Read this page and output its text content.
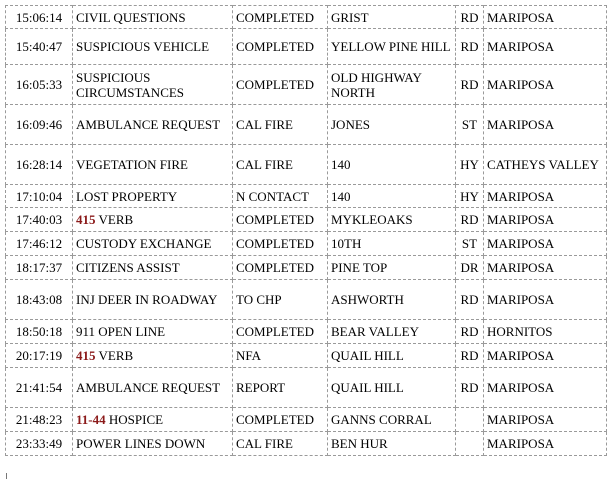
15:06:14	CIVIL QUESTIONS	COMPLETED	GRIST	RD	MARIPOSA
15:40:47	SUSPICIOUS VEHICLE	COMPLETED	YELLOW PINE HILL	RD	MARIPOSA
16:05:33	SUSPICIOUS CIRCUMSTANCES	COMPLETED	OLD HIGHWAY NORTH	RD	MARIPOSA
16:09:46	AMBULANCE REQUEST	CAL FIRE	JONES	ST	MARIPOSA
16:28:14	VEGETATION FIRE	CAL FIRE	140	HY	CATHEYS VALLEY
17:10:04	LOST PROPERTY	N CONTACT	140	HY	MARIPOSA
17:40:03	415 VERB	COMPLETED	MYKLEOAKS	RD	MARIPOSA
17:46:12	CUSTODY EXCHANGE	COMPLETED	10TH	ST	MARIPOSA
18:17:37	CITIZENS ASSIST	COMPLETED	PINE TOP	DR	MARIPOSA
18:43:08	INJ DEER IN ROADWAY	TO CHP	ASHWORTH	RD	MARIPOSA
18:50:18	911 OPEN LINE	COMPLETED	BEAR VALLEY	RD	HORNITOS
20:17:19	415 VERB	NFA	QUAIL HILL	RD	MARIPOSA
21:41:54	AMBULANCE REQUEST	REPORT	QUAIL HILL	RD	MARIPOSA
21:48:23	11-44 HOSPICE	COMPLETED	GANNS CORRAL		MARIPOSA
23:33:49	POWER LINES DOWN	CAL FIRE	BEN HUR		MARIPOSA
